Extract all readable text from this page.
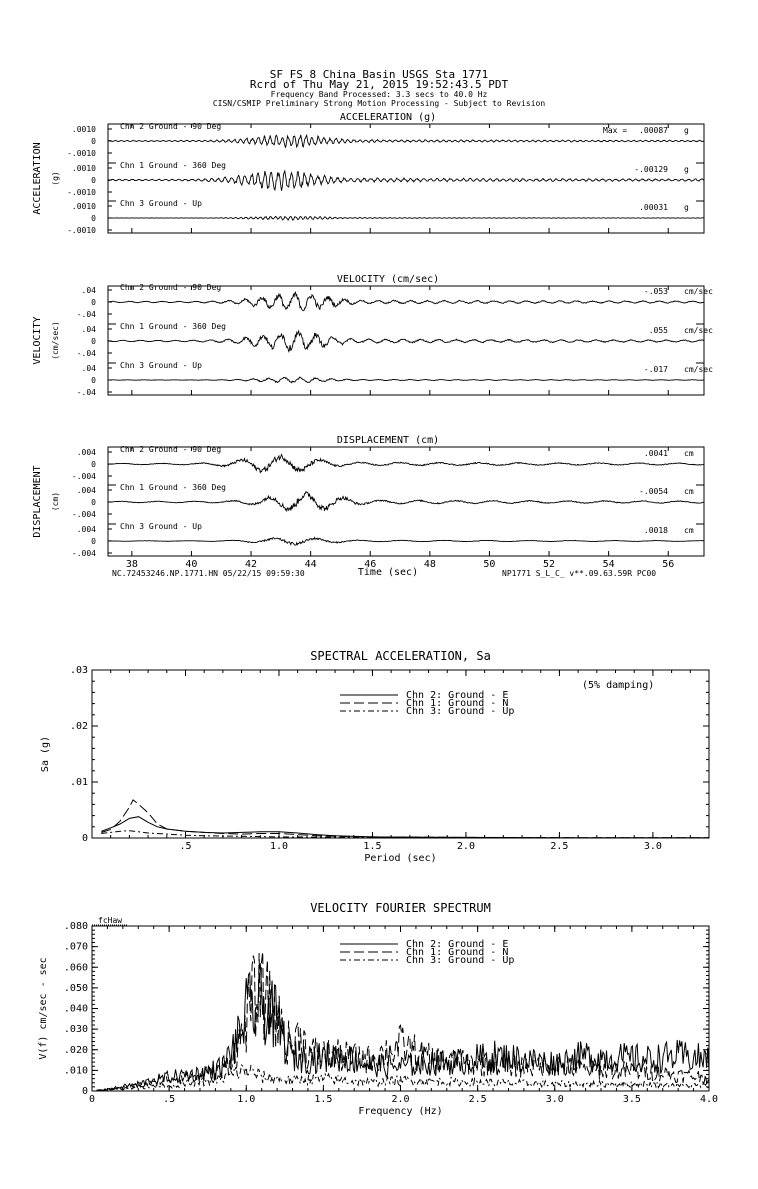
SF FS 8 China Basin USGS Sta 1771
Rcrd of Thu May 21, 2015 19:52:43.5 PDT
Frequency Band Processed: 3.3 secs to 40.0 Hz
CISN/CSMIP Preliminary Strong Motion Processing - Subject to Revision
ACCELERATION (g)
ACCELERATION (g)
.0010
0
-.0010
Chn 2 Ground - 90 Deg	Max = .00087 g
.0010
0
-.0010
Chn 1 Ground - 360 Deg	-.00129 g
.0010
0
-.0010
Chn 3 Ground - Up	.00031 g
VELOCITY (cm/sec)
VELOCITY (cm/sec)
.04
0
-.04
Chn 2 Ground - 90 Deg	-.053 cm/sec
.04
0
-.04
Chn 1 Ground - 360 Deg	.055 cm/sec
.04
0
-.04
Chn 3 Ground - Up	-.017 cm/sec
DISPLACEMENT (cm)
DISPLACEMENT (cm)
38	40	42	44	46	48	50	52	54	56
.004
0
-.004
Chn 2 Ground - 90 Deg	.0041 cm
.004
0
-.004
Chn 1 Ground - 360 Deg	-.0054 cm
.004
0
-.004
Chn 3 Ground - Up	.0018 cm
SPECTRAL ACCELERATION, Sa
.5	1.0	1.5	2.0	2.5	3.0
0
.01
.02
.03
Period (sec)
Sa (g)
Chn 2: Ground - E
Chn 1: Ground - N
Chn 3: Ground - Up
(5% damping)
VELOCITY FOURIER SPECTRUM
0	.5	1.0	1.5	2.0	2.5	3.0	3.5	4.0
0
.010
.020
.030
.040
.050
.060
.070
.080
Frequency (Hz)
V(f) cm/sec - sec
Chn 2: Ground - E
Chn 1: Ground - N
Chn 3: Ground - Up
fcHaw
Time (sec)
NC.72453246.NP.1771.HN 05/22/15 09:59:30	NP1771 S_L_C_ v**.09.63.59R PC00
